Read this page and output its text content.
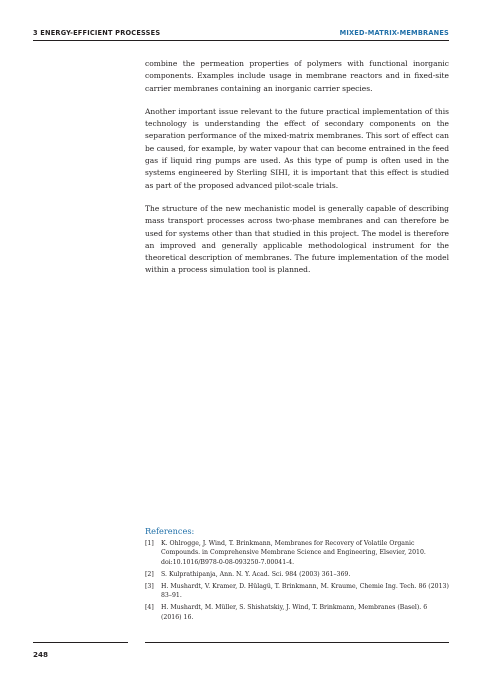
3 ENERGY-EFFICIENT PROCESSES	MIXED-MATRIX-MEMBRANES

combine the permeation properties of polymers with functional inorganic components. Examples include usage in membrane reactors and in fixed-site carrier membranes containing an inorganic carrier species.

Another important issue relevant to the future practical implementation of this technology is understanding the effect of secondary components on the separation performance of the mixed-matrix membranes. This sort of effect can be caused, for example, by water vapour that can become entrained in the feed gas if liquid ring pumps are used. As this type of pump is often used in the systems engineered by Sterling SIHI, it is important that this effect is studied as part of the proposed advanced pilot-scale trials.

The structure of the new mechanistic model is generally capable of describing mass transport processes across two-phase membranes and can therefore be used for systems other than that studied in this project. The model is therefore an improved and generally applicable methodological instrument for the theoretical description of membranes. The future implementation of the model within a process simulation tool is planned.

References:
[1] K. Ohlrogge, J. Wind, T. Brinkmann, Membranes for Recovery of Volatile Organic Compounds. in Comprehensive Membrane Science and Engineering, Elsevier, 2010. doi:10.1016/B978-0-08-093250-7.00041-4.
[2] S. Kulprathipanja, Ann. N. Y. Acad. Sci. 984 (2003) 361–369.
[3] H. Mushardt, V. Kramer, D. Hülagü, T. Brinkmann, M. Kraume, Chemie Ing. Tech. 86 (2013) 83–91.
[4] H. Mushardt, M. Müller, S. Shishatskiy, J. Wind, T. Brinkmann, Membranes (Basel). 6 (2016) 16.
248
